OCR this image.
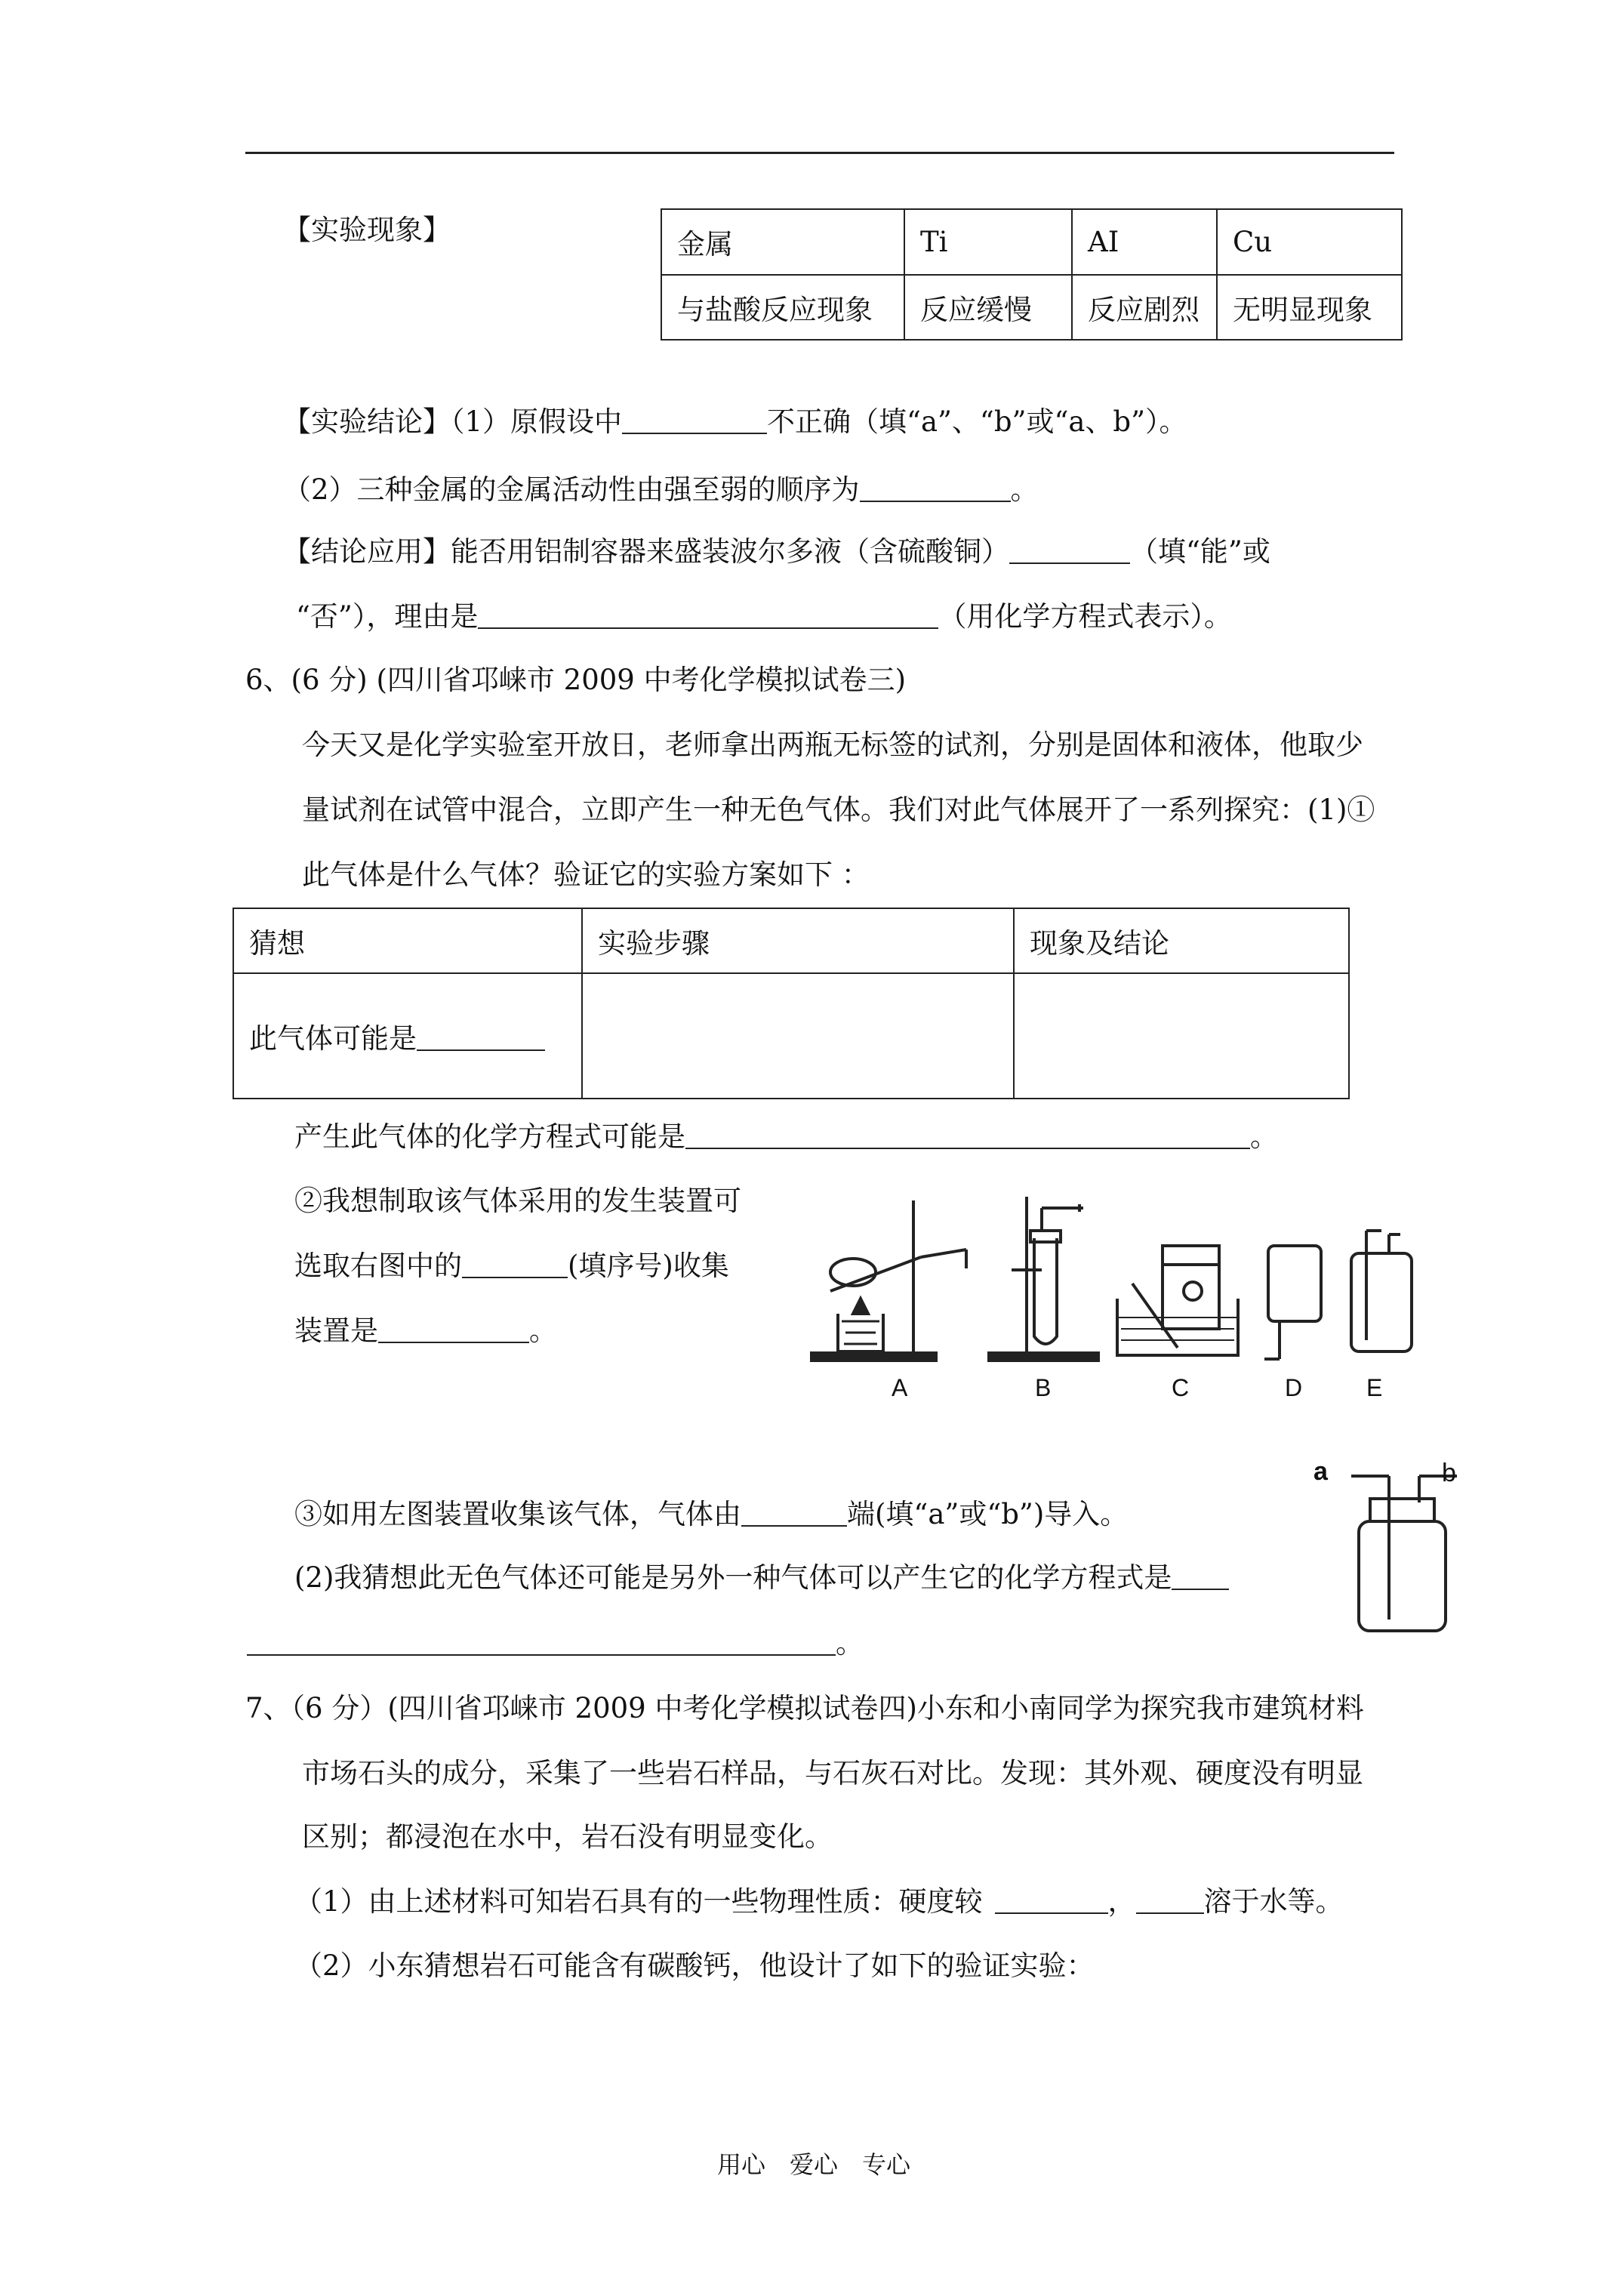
【实验现象】	金属	Ti	AI	Cu
与盐酸反应现象	反应缓慢	反应剧烈	无明显现象
【实验结论】（1）原假设中	不正确（填“a”、“b”或“a、b”）。
（2）三种金属的金属活动性由强至弱的顺序为	。
【结论应用】能否用铝制容器来盛装波尔多液（含硫酸铜）	（填“能”或
“否”），理由是	（用化学方程式表示）。
6、(6 分) (四川省邛崃市 2009 中考化学模拟试卷三)
今天又是化学实验室开放日，老师拿出两瓶无标签的试剂，分别是固体和液体，他取少
量试剂在试管中混合，立即产生一种无色气体。我们对此气体展开了一系列探究：(1)①
此气体是什么气体？验证它的实验方案如下 ：
猜想	实验步骤	现象及结论
此气体可能是		
产生此气体的化学方程式可能是	。
②我想制取该气体采用的发生装置可
选取右图中的	(填序号)收集
装置是	。
A	B	C	D	E
a	b
③如用左图装置收集该气体，气体由	端(填“a”或“b”)导入。
(2)我猜想此无色气体还可能是另外一种气体可以产生它的化学方程式是
。
7、（6 分）(四川省邛崃市 2009 中考化学模拟试卷四)小东和小南同学为探究我市建筑材料
市场石头的成分，采集了一些岩石样品，与石灰石对比。发现：其外观、硬度没有明显
区别；都浸泡在水中，岩石没有明显变化。
（1）由上述材料可知岩石具有的一些物理性质：硬度较	， 溶于水等。
（2）小东猜想岩石可能含有碳酸钙，他设计了如下的验证实验：
用心　爱心　专心
